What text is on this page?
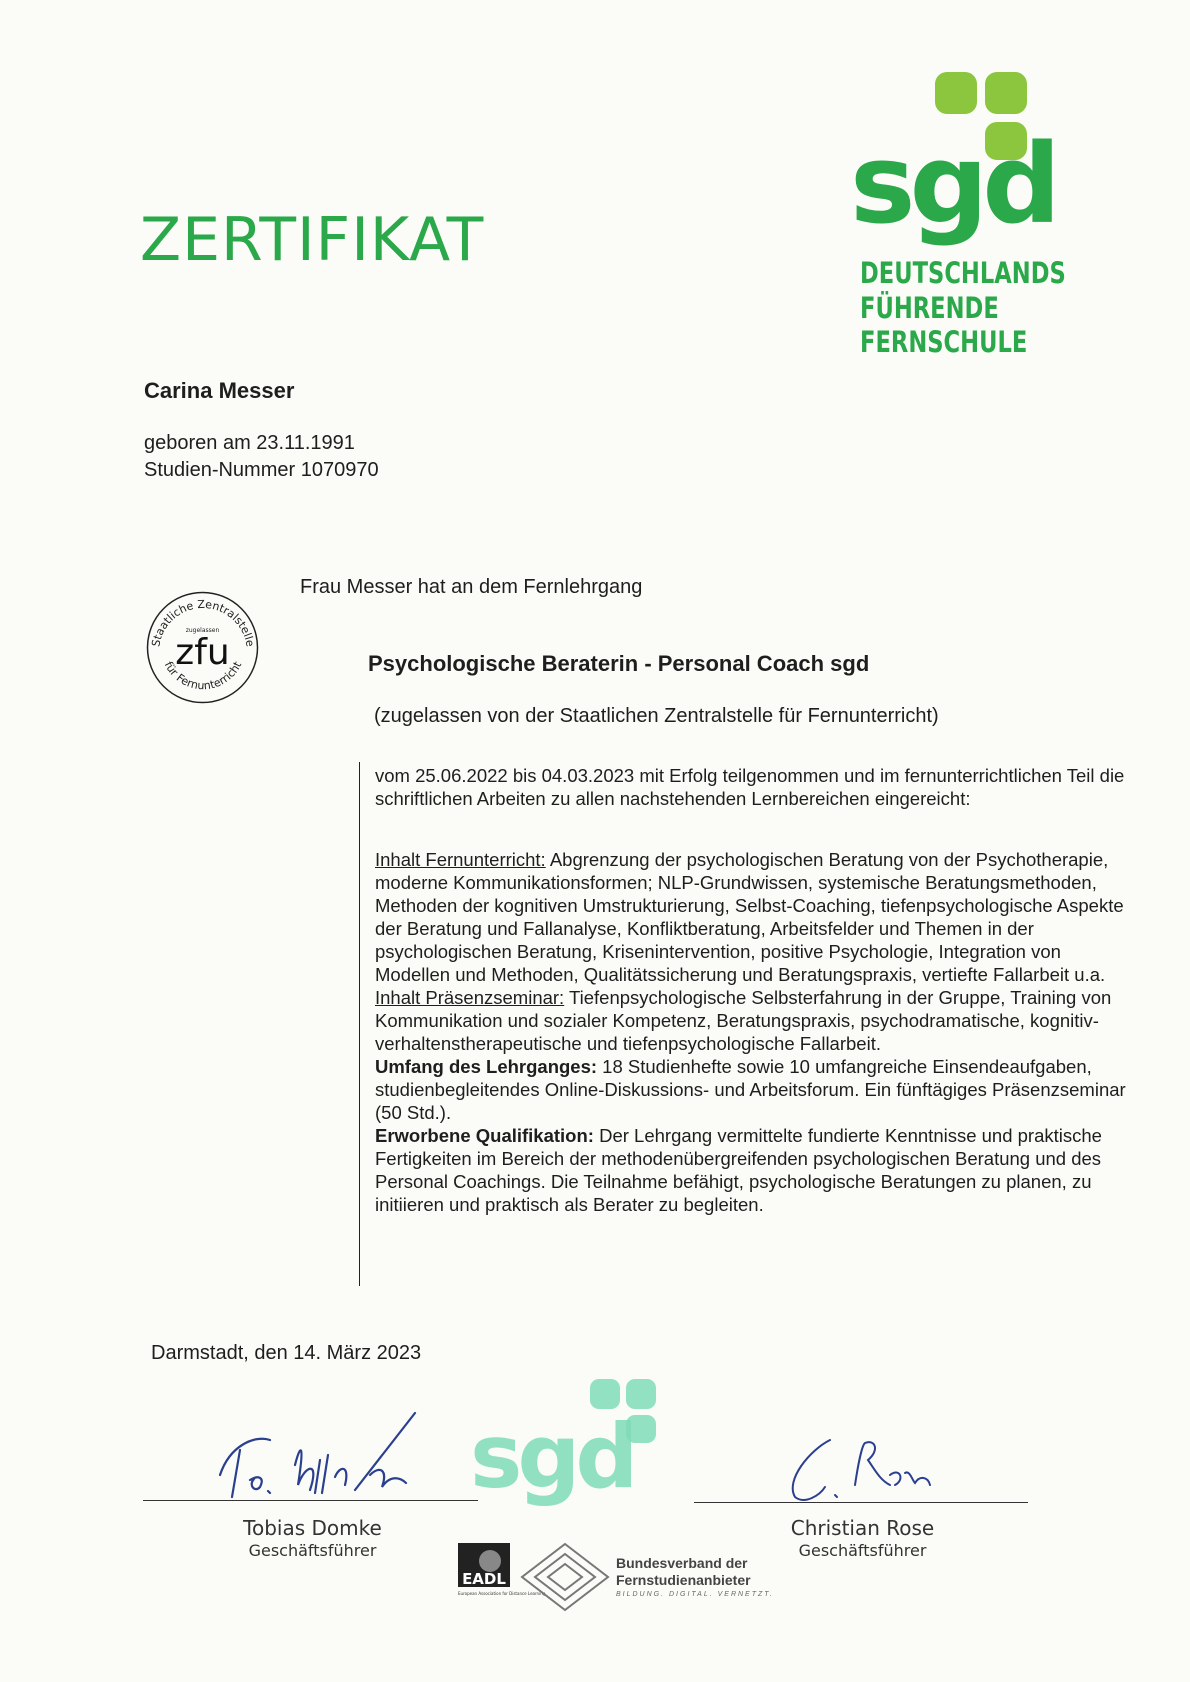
ZERTIFIKAT	sgd
DEUTSCHLANDS
FÜHRENDE FERNSCHULE
Carina Messer
geboren am 23.11.1991
Studien-Nummer 1070970
Staatliche Zentralstelle
für Fernunterricht
zugelassen
zfu
Frau Messer hat an dem Fernlehrgang
Psychologische Beraterin - Personal Coach sgd
(zugelassen von der Staatlichen Zentralstelle für Fernunterricht)
vom 25.06.2022 bis 04.03.2023 mit Erfolg teilgenommen und im fernunterrichtlichen Teil die schriftlichen Arbeiten zu allen nachstehenden Lernbereichen eingereicht:
Inhalt Fernunterricht: Abgrenzung der psychologischen Beratung von der Psychotherapie, moderne Kommunikationsformen; NLP-Grundwissen, systemische Beratungsmethoden, Methoden der kognitiven Umstrukturierung, Selbst-Coaching, tiefenpsychologische Aspekte der Beratung und Fallanalyse, Konfliktberatung, Arbeitsfelder und Themen in der psychologischen Beratung, Krisenintervention, positive Psychologie, Integration von Modellen und Methoden, Qualitätssicherung und Beratungspraxis, vertiefte Fallarbeit u.a.
Inhalt Präsenzseminar: Tiefenpsychologische Selbsterfahrung in der Gruppe, Training von Kommunikation und sozialer Kompetenz, Beratungspraxis, psychodramatische, kognitiv-verhaltenstherapeutische und tiefenpsychologische Fallarbeit.
Umfang des Lehrganges: 18 Studienhefte sowie 10 umfangreiche Einsendeaufgaben, studienbegleitendes Online-Diskussions- und Arbeitsforum. Ein fünftägiges Präsenzseminar (50 Std.).
Erworbene Qualifikation: Der Lehrgang vermittelte fundierte Kenntnisse und praktische Fertigkeiten im Bereich der methodenübergreifenden psychologischen Beratung und des Personal Coachings. Die Teilnahme befähigt, psychologische Beratungen zu planen, zu initiieren und praktisch als Berater zu begleiten.
Darmstadt, den 14. März 2023
sgd
Tobias Domke
Geschäftsführer
Christian Rose
Geschäftsführer
EADL
European Association for Distance Learning
Bundesverband der
Fernstudienanbieter
BILDUNG. DIGITAL. VERNETZT.
